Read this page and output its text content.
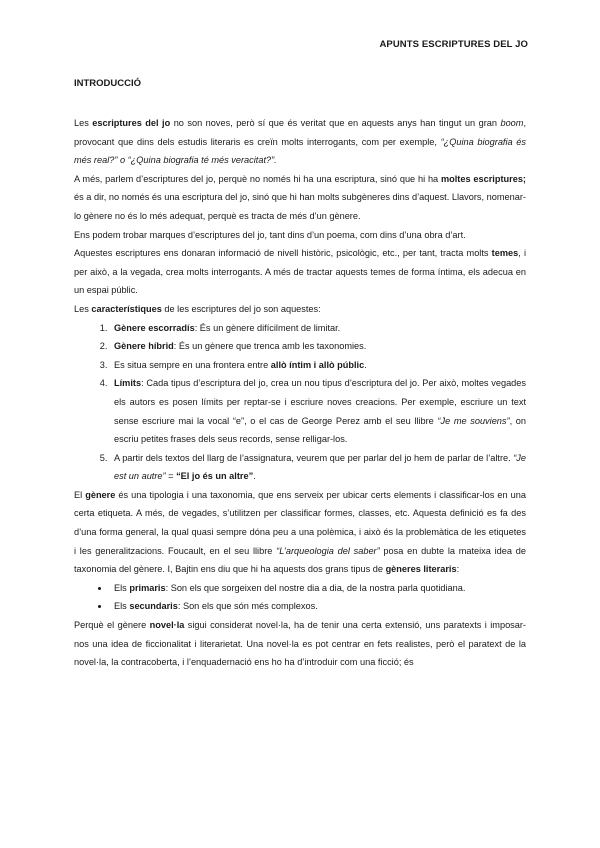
APUNTS ESCRIPTURES DEL JO
INTRODUCCIÓ

Les escriptures del jo no son noves, però sí que és veritat que en aquests anys han tingut un gran boom, provocant que dins dels estudis literaris es creïn molts interrogants, com per exemple, “¿Quina biografia és més real?” o “¿Quina biografia té més veracitat?”.

A més, parlem d’escriptures del jo, perquè no només hi ha una escriptura, sinó que hi ha moltes escriptures; és a dir, no només és una escriptura del jo, sinó que hi han molts subgèneres dins d’aquest. Llavors, nomenar-lo gènere no és lo més adequat, perquè es tracta de més d’un gènere.

Ens podem trobar marques d’escriptures del jo, tant dins d’un poema, com dins d’una obra d’art.

Aquestes escriptures ens donaran informació de nivell històric, psicològic, etc., per tant, tracta molts temes, i per això, a la vegada, crea molts interrogants. A més de tractar aquests temes de forma íntima, els adecua en un espai públic.

Les característiques de les escriptures del jo son aquestes:

1. Gènere escorradís: És un gènere difícilment de limitar.
2. Gènere híbrid: És un gènere que trenca amb les taxonomies.
3. Es situa sempre en una frontera entre allò íntim i allò públic.
4. Límits: Cada tipus d’escriptura del jo, crea un nou tipus d’escriptura del jo. Per això, moltes vegades els autors es posen límits per reptar-se i escriure noves creacions. Per exemple, escriure un text sense escriure mai la vocal “e”, o el cas de George Perez amb el seu llibre “Je me souviens”, on escriu petites frases dels seus records, sense relligar-los.
5. A partir dels textos del llarg de l’assignatura, veurem que per parlar del jo hem de parlar de l’altre. “Je est un autre” = “El jo és un altre”.

El gènere és una tipologia i una taxonomia, que ens serveix per ubicar certs elements i classificar-los en una certa etiqueta. A més, de vegades, s’utilitzen per classificar formes, classes, etc. Aquesta definició es fa des d’una forma general, la qual quasi sempre dóna peu a una polèmica, i això és la problemàtica de les etiquetes i les generalitzacions. Foucault, en el seu llibre “L’arqueologia del saber” posa en dubte la mateixa idea de taxonomia del gènere. I, Bajtin ens diu que hi ha aquests dos grans tipus de gèneres literaris:

• Els primaris: Son els que sorgeixen del nostre dia a dia, de la nostra parla quotidiana.
• Els secundaris: Son els que són més complexos.

Perquè el gènere novel·la sigui considerat novel·la, ha de tenir una certa extensió, uns paratexts i imposar-nos una idea de ficcionalitat i literarietat. Una novel·la es pot centrar en fets realistes, però el paratext de la novel·la, la contracoberta, i l’enquadernació ens ho ha d’introduir com una ficció; és
